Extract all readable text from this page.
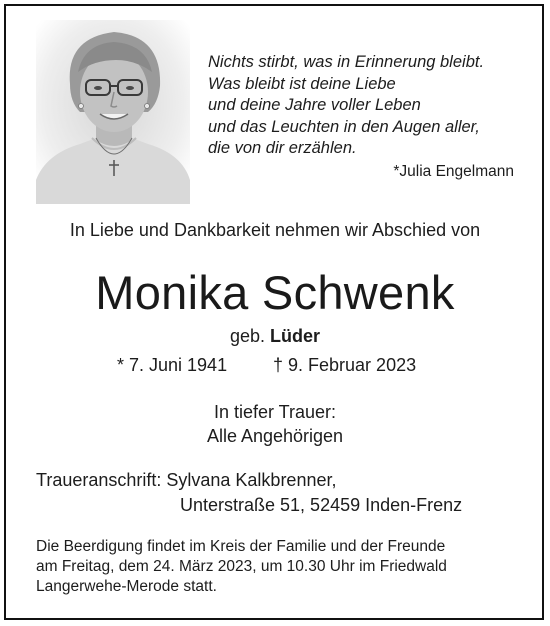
Nichts stirbt, was in Erinnerung bleibt.
Was bleibt ist deine Liebe
und deine Jahre voller Leben
und das Leuchten in den Augen aller,
die von dir erzählen.
*Julia Engelmann
In Liebe und Dankbarkeit nehmen wir Abschied von
Monika Schwenk
geb. Lüder
* 7. Juni 1941	† 9. Februar 2023
In tiefer Trauer:
Alle Angehörigen
Traueranschrift: Sylvana Kalkbrenner,
Unterstraße 51, 52459 Inden-Frenz
Die Beerdigung findet im Kreis der Familie und der Freunde
am Freitag, dem 24. März 2023, um 10.30 Uhr im Friedwald
Langerwehe-Merode statt.
